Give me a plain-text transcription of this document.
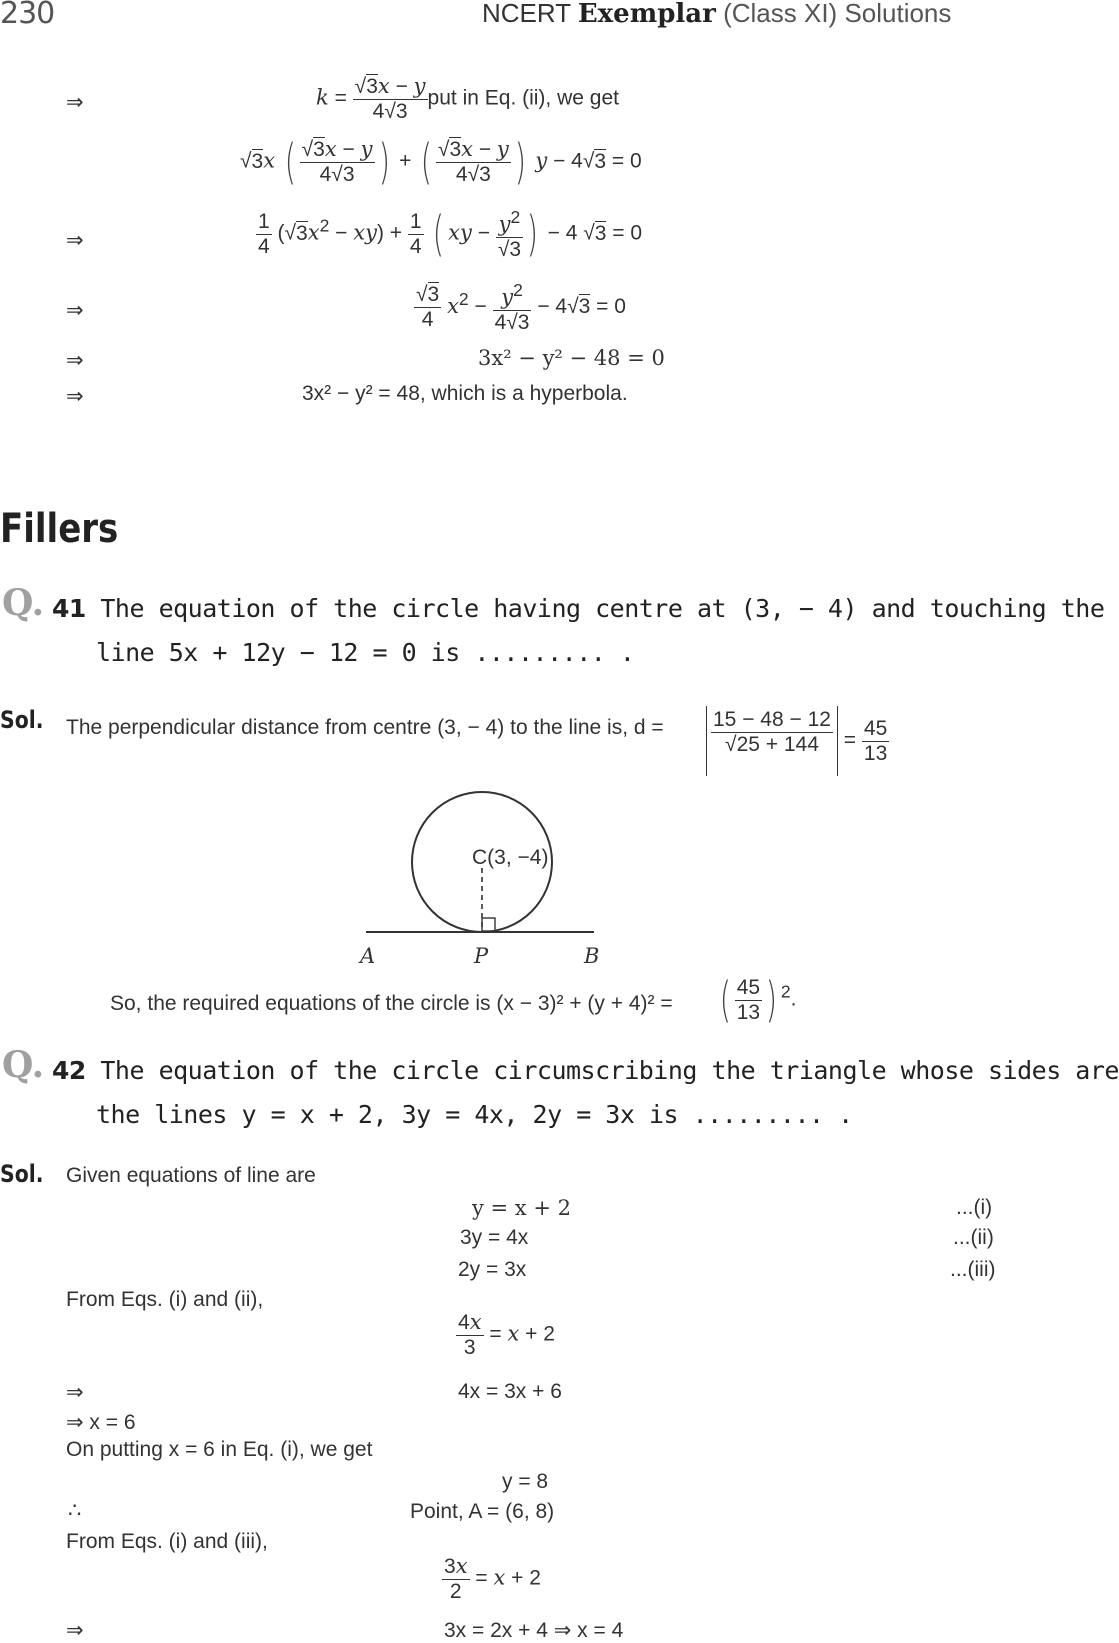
230	NCERT Exemplar (Class XI) Solutions
⇒	$k = \frac{√3x - y}{4√3}$ put in Eq. (ii), we get
√3x ( $\frac{√3x - y}{4√3}$ ) + ( $\frac{√3x - y}{4√3}$ ) y − 4√3 = 0
⇒	$\frac{1}{4} (√3x^2 - xy) + \frac{1}{4}$ ( xy − $\frac{y^2}{√3}$ ) − 4 √3 = 0
⇒	$\frac{√3}{4} x^2 - \frac{y^2}{4√3} - 4√3 = 0$
⇒	3x² − y² − 48 = 0
⇒	3x² − y² = 48, which is a hyperbola.
Fillers
Q. 41 The equation of the circle having centre at (3, − 4) and touching the
line 5x + 12y − 12 = 0 is ......... .
Sol. The perpendicular distance from centre (3, − 4) to the line is, $d = \frac{15 - 48 - 12}{√25 + 144} = \frac{45}{13}$
C(3, −4)
A	P	B
So, the required equations of the circle is (x − 3)² + (y + 4)² = ( $\frac{45}{13}$ ) $^2$.
Q. 42 The equation of the circle circumscribing the triangle whose sides are
the lines y = x + 2, 3y = 4x, 2y = 3x is ......... .
Sol. Given equations of line are
y = x + 2	...(i)
3y = 4x	...(ii)
2y = 3x	...(iii)
From Eqs. (i) and (ii),
$\frac{4x}{3} = x + 2$
⇒	4x = 3x + 6
⇒ x = 6
On putting x = 6 in Eq. (i), we get
y = 8
∴	Point, A = (6, 8)
From Eqs. (i) and (iii),
$\frac{3x}{2} = x + 2$
⇒	3x = 2x + 4 ⇒ x = 4
